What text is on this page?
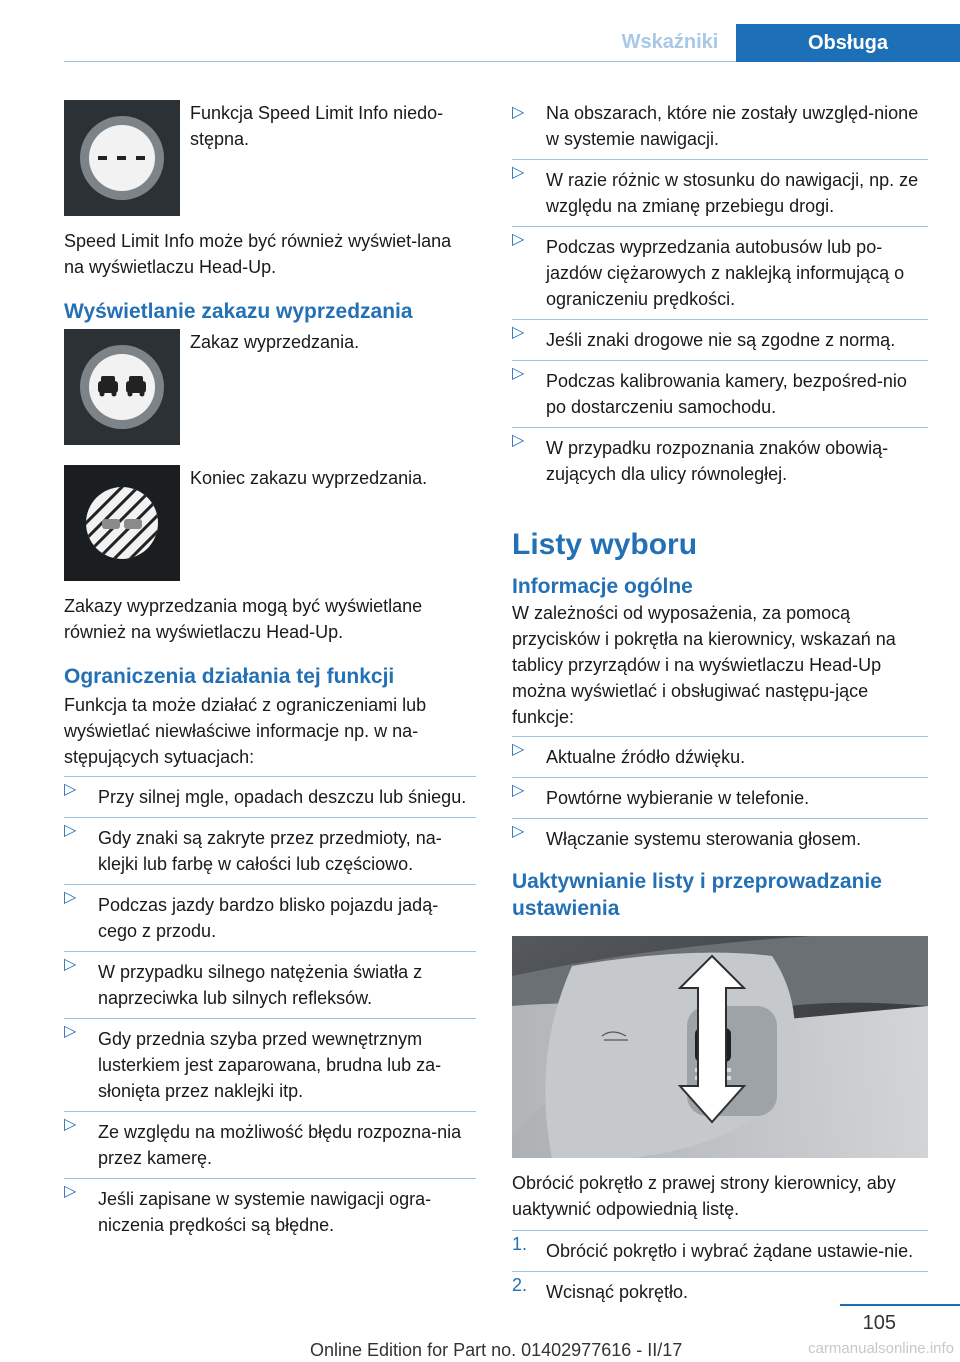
Wskaźniki	Obsługa
Funkcja Speed Limit Info niedo-stępna.

Speed Limit Info może być również wyświet-lana na wyświetlaczu Head-Up.

Wyświetlanie zakazu wyprzedzania
Zakaz wyprzedzania.
Koniec zakazu wyprzedzania.

Zakazy wyprzedzania mogą być wyświetlane również na wyświetlaczu Head-Up.

Ograniczenia działania tej funkcji

Funkcja ta może działać z ograniczeniami lub wyświetlać niewłaściwe informacje np. w na-stępujących sytuacjach:

▷ Przy silnej mgle, opadach deszczu lub śniegu.
▷ Gdy znaki są zakryte przez przedmioty, na-klejki lub farbę w całości lub częściowo.
▷ Podczas jazdy bardzo blisko pojazdu jadą-cego z przodu.
▷ W przypadku silnego natężenia światła z naprzeciwka lub silnych refleksów.
▷ Gdy przednia szyba przed wewnętrznym lusterkiem jest zaparowana, brudna lub za-słonięta przez naklejki itp.
▷ Ze względu na możliwość błędu rozpozna-nia przez kamerę.
▷ Jeśli zapisane w systemie nawigacji ogra-niczenia prędkości są błędne.
▷ Na obszarach, które nie zostały uwzględ-nione w systemie nawigacji.
▷ W razie różnic w stosunku do nawigacji, np. ze względu na zmianę przebiegu drogi.
▷ Podczas wyprzedzania autobusów lub po-jazdów ciężarowych z naklejką informującą o ograniczeniu prędkości.
▷ Jeśli znaki drogowe nie są zgodne z normą.
▷ Podczas kalibrowania kamery, bezpośred-nio po dostarczeniu samochodu.
▷ W przypadku rozpoznania znaków obowią-zujących dla ulicy równoległej.
Listy wyboru
Informacje ogólne

W zależności od wyposażenia, za pomocą przycisków i pokrętła na kierownicy, wskazań na tablicy przyrządów i na wyświetlaczu Head-Up można wyświetlać i obsługiwać następu-jące funkcje:

▷ Aktualne źródło dźwięku.
▷ Powtórne wybieranie w telefonie.
▷ Włączanie systemu sterowania głosem.
Uaktywnianie listy i przeprowadzanie ustawienia

Obrócić pokrętło z prawej strony kierownicy, aby uaktywnić odpowiednią listę.

1. Obrócić pokrętło i wybrać żądane ustawie-nie.
2. Wcisnąć pokrętło.
105
Online Edition for Part no. 01402977616 - II/17	carmanualsonline.info
